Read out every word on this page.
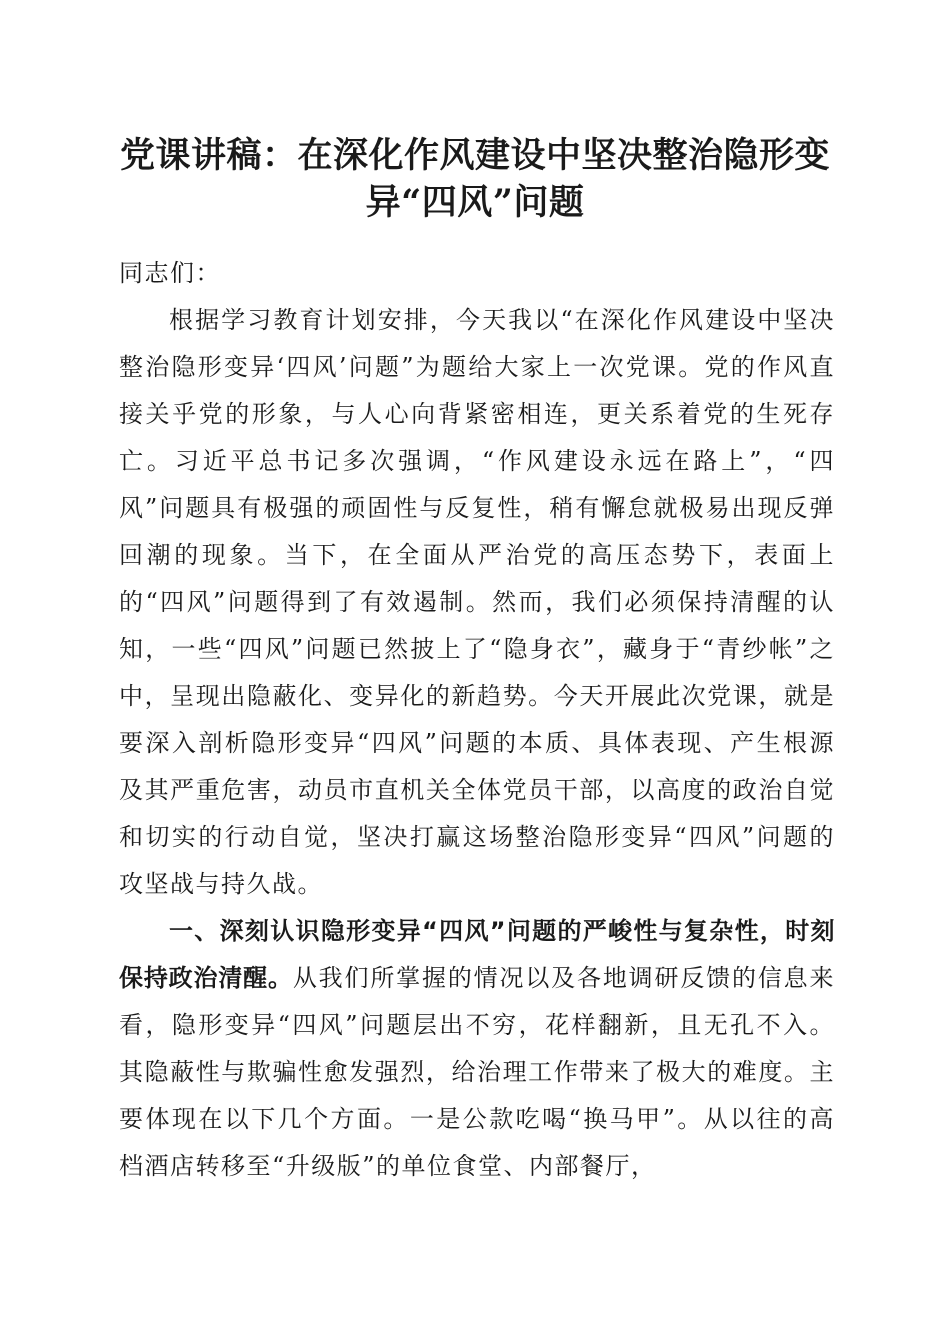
党课讲稿：在深化作风建设中坚决整治隐形变
异“四风”问题

同志们：

根据学习教育计划安排，今天我以“在深化作风建设中坚决整治隐形变异‘四风’问题”为题给大家上一次党课。党的作风直接关乎党的形象，与人心向背紧密相连，更关系着党的生死存亡。习近平总书记多次强调，“作风建设永远在路上”，“四风”问题具有极强的顽固性与反复性，稍有懈怠就极易出现反弹回潮的现象。当下，在全面从严治党的高压态势下，表面上的“四风”问题得到了有效遏制。然而，我们必须保持清醒的认知，一些“四风”问题已然披上了“隐身衣”，藏身于“青纱帐”之中，呈现出隐蔽化、变异化的新趋势。今天开展此次党课，就是要深入剖析隐形变异“四风”问题的本质、具体表现、产生根源及其严重危害，动员市直机关全体党员干部，以高度的政治自觉和切实的行动自觉，坚决打赢这场整治隐形变异“四风”问题的攻坚战与持久战。

一、深刻认识隐形变异“四风”问题的严峻性与复杂性，时刻保持政治清醒。从我们所掌握的情况以及各地调研反馈的信息来看，隐形变异“四风”问题层出不穷，花样翻新，且无孔不入。其隐蔽性与欺骗性愈发强烈，给治理工作带来了极大的难度。主要体现在以下几个方面。一是公款吃喝“换马甲”。从以往的高档酒店转移至“升级版”的单位食堂、内部餐厅，
